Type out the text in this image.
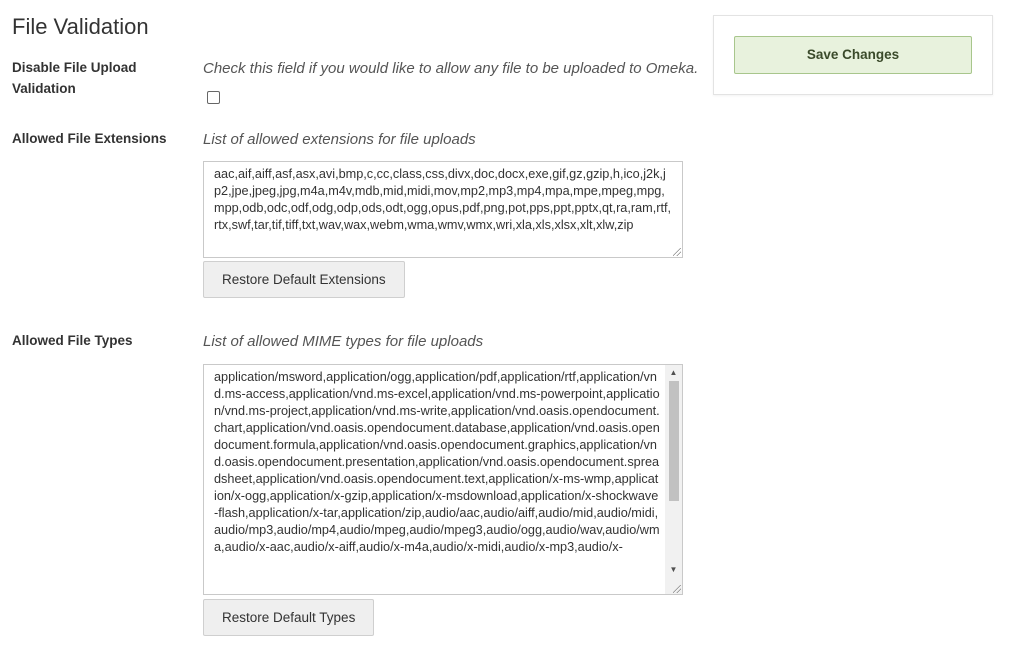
File Validation
Disable File Upload Validation
Check this field if you would like to allow any file to be uploaded to Omeka.
Allowed File Extensions List of allowed extensions for file uploads
aac,aif,aiff,asf,asx,avi,bmp,c,cc,class,css,divx,doc,docx,exe,gif,gz,gzip,h,ico,j2k,jp2,jpe,jpeg,jpg,m4a,m4v,mdb,mid,midi,mov,mp2,mp3,mp4,mpa,mpe,mpeg,mpg,mpp,odb,odc,odf,odg,odp,ods,odt,ogg,opus,pdf,png,pot,pps,ppt,pptx,qt,ra,ram,rtf,rtx,swf,tar,tif,tiff,txt,wav,wax,webm,wma,wmv,wmx,wri,xla,xls,xlsx,xlt,xlw,zip
Restore Default Extensions
Allowed File Types	List of allowed MIME types for file uploads
application/msword,application/ogg,application/pdf,application/rtf,application/vnd.ms-access,application/vnd.ms-excel,application/vnd.ms-powerpoint,application/vnd.ms-project,application/vnd.ms-write,application/vnd.oasis.opendocument.chart,application/vnd.oasis.opendocument.database,application/vnd.oasis.opendocument.formula,application/vnd.oasis.opendocument.graphics,application/vnd.oasis.opendocument.presentation,application/vnd.oasis.opendocument.spreadsheet,application/vnd.oasis.opendocument.text,application/x-ms-wmp,application/x-ogg,application/x-gzip,application/x-msdownload,application/x-shockwave-flash,application/x-tar,application/zip,audio/aac,audio/aiff,audio/mid,audio/midi,audio/mp3,audio/mp4,audio/mpeg,audio/mpeg3,audio/ogg,audio/wav,audio/wma,audio/x-aac,audio/x-aiff,audio/x-m4a,audio/x-midi,audio/x-mp3,audio/x-
▲
▼
Restore Default Types
Save Changes
